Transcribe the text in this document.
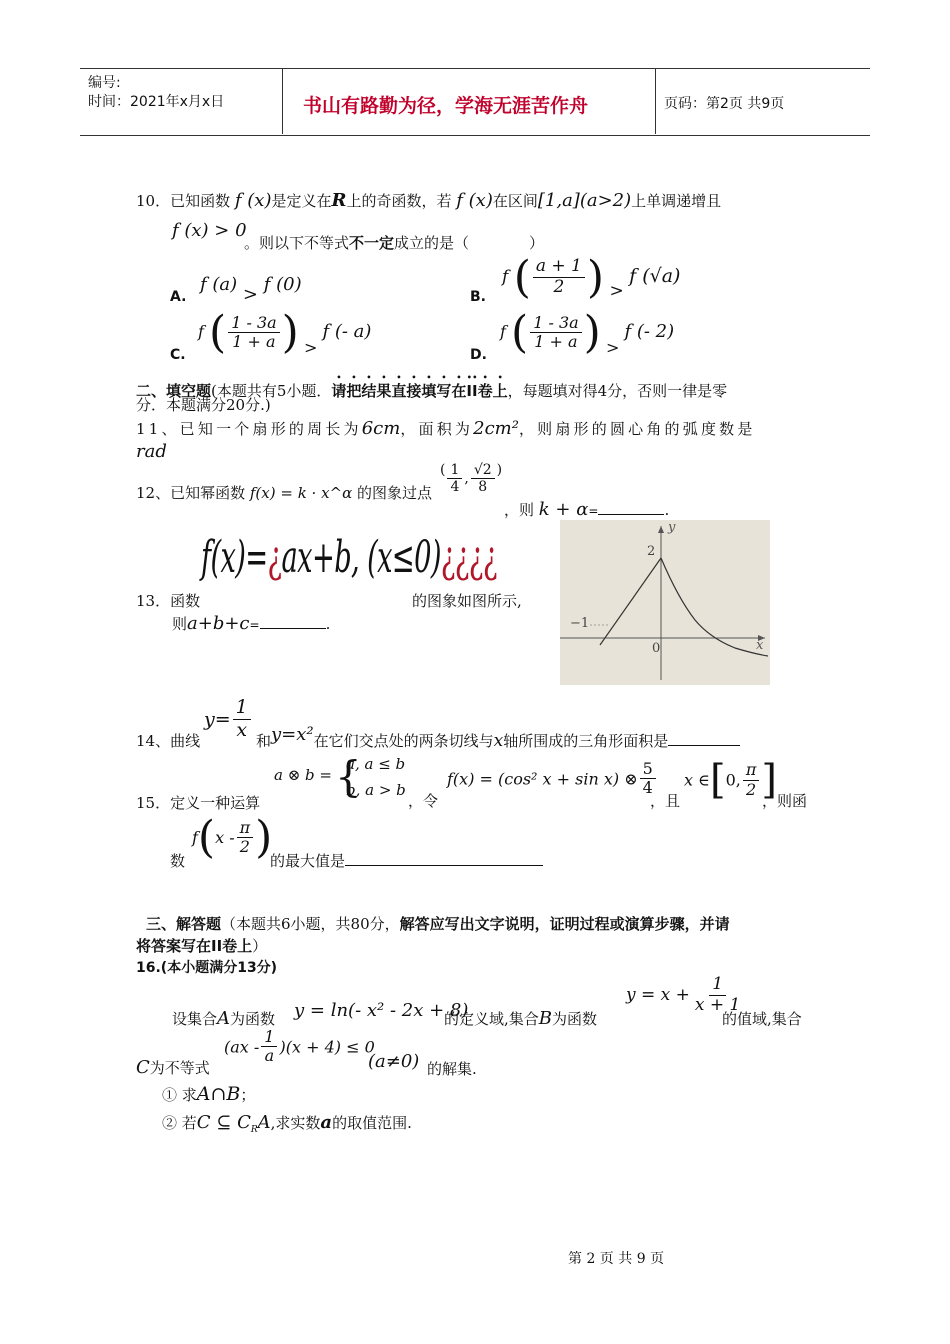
编号:
时间：2021年x月x日	书山有路勤为径，学海无涯苦作舟	页码：第2页 共9页
10．已知函数 f (x)是定义在R上的奇函数，若 f (x)在区间[1,a](a>2)上单调递增且
f (x) > 0
。则以下不等式不一定成立的是（	）
A.
f (a) > f (0)
B.
f ( $\frac{a + 1}{2}$ ) > f (√a)
C.
f ( $\frac{1 - 3a}{1 + a}$ ) > f (- a)
D.
f ( $\frac{1 - 3a}{1 + a}$ ) > f (- 2)
二、填空题(本题共有5小题．请把结果直接填写在II卷上，每题填对得4分，否则一律是零
分．本题满分20分.)
11、已知一个扇形的周长为6cm，面积为2cm²，则扇形的圆心角的弧度数是
rad
12、已知幂函数 f(x) = k · x^α 的图象过点
( $\frac{1}{4}$ , $\frac{√2}{8}$ )
，则 k + α=	.
13．函数
f(x)=¿ax+b, (x≤0)¿¿¿¿
的图象如图所示,
则a+b+c=	.
y
x
2
−1
0
14、曲线
$y= \frac{1}{x}$ 和y=x²在它们交点处的两条切线与x轴所围成的三角形面积是
15．定义一种运算
a ⊗ b = {
a, a ≤ b
b, a > b
，令
f(x) = (cos² x + sin x) ⊗ $\frac{5}{4}$
，且
x ∈[0, $\frac{\pi}{2}$ ]
，则函
数
$f(x - \frac{\pi}{2}$ )
的最大值是
三、解答题（本题共6小题，共80分，解答应写出文字说明，证明过程或演算步骤，并请
将答案写在II卷上）
16.(本小题满分13分)
设集合A为函数 y = ln(- x² - 2x + 8)
的定义域,集合B为函数
$y = x + \frac{1}{x + 1}$
的值域,集合
C为不等式
$(ax - \frac{1}{a} )(x + 4) \le 0$
(a≠0) 的解集.
① 求A∩B；
② 若C ⊆ $C_RA$,求实数a的取值范围.
第 2 页 共 9 页
